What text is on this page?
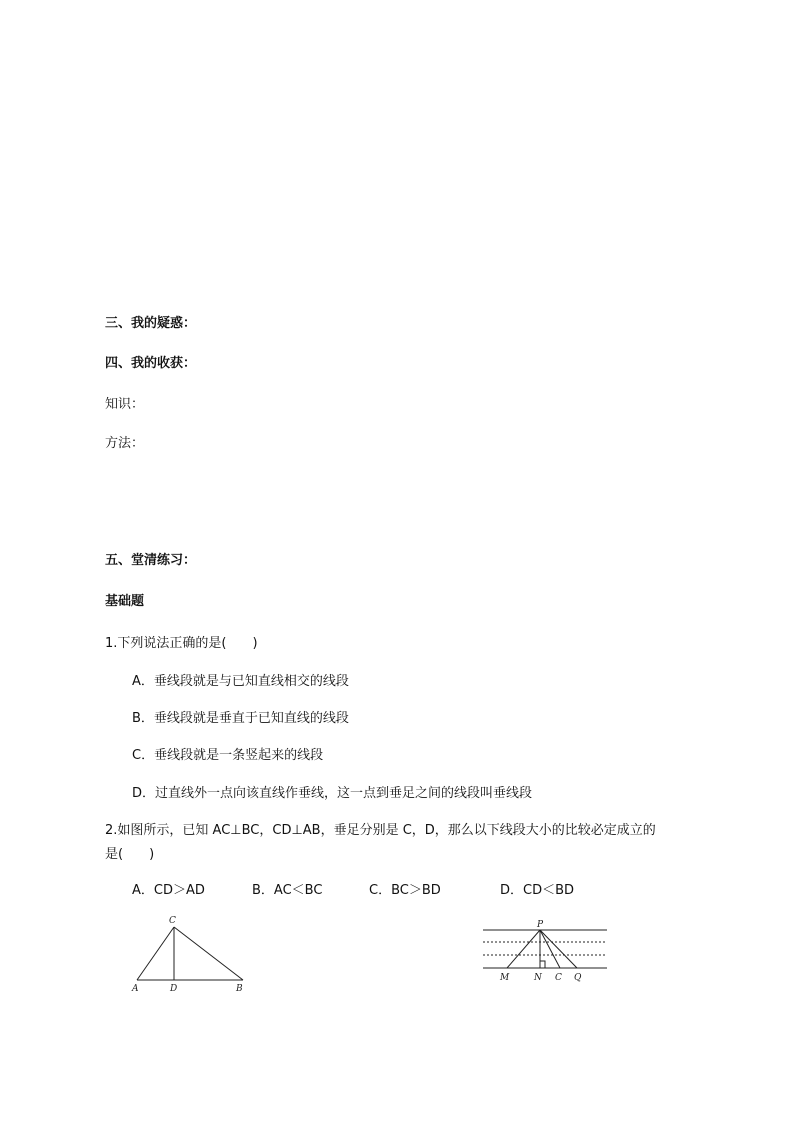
三、我的疑惑：
四、我的收获：
知识：
方法：
五、堂清练习：
基础题
1.下列说法正确的是(　　)
A．垂线段就是与已知直线相交的线段
B．垂线段就是垂直于已知直线的线段
C．垂线段就是一条竖起来的线段
D．过直线外一点向该直线作垂线，这一点到垂足之间的线段叫垂线段
2.如图所示，已知 AC⊥BC，CD⊥AB，垂足分别是 C，D，那么以下线段大小的比较必定成立的
是(　　)
A．CD＞AD	B．AC＜BC	C．BC＞BD	D．CD＜BD
C
A	D	B
P
M	N C Q
